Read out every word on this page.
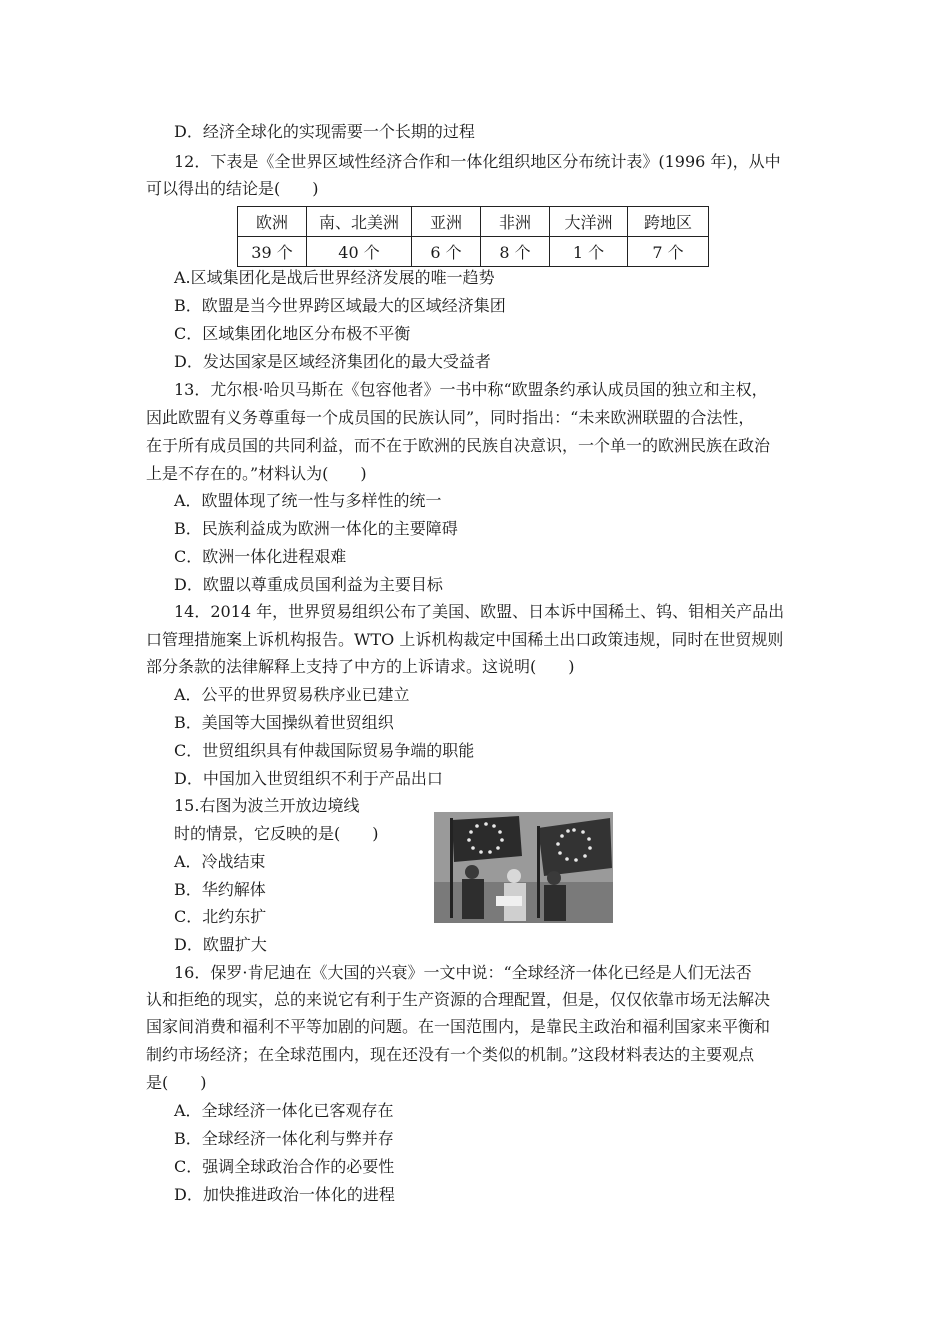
D．经济全球化的实现需要一个长期的过程
12．下表是《全世界区域性经济合作和一体化组织地区分布统计表》(1996 年)，从中
可以得出的结论是(　　)
欧洲	南、北美洲	亚洲	非洲	大洋洲	跨地区
39 个	40 个	6 个	8 个	1 个	7 个
A.区域集团化是战后世界经济发展的唯一趋势
B．欧盟是当今世界跨区域最大的区域经济集团
C．区域集团化地区分布极不平衡
D．发达国家是区域经济集团化的最大受益者
13．尤尔根·哈贝马斯在《包容他者》一书中称“欧盟条约承认成员国的独立和主权，
因此欧盟有义务尊重每一个成员国的民族认同”，同时指出：“未来欧洲联盟的合法性，
在于所有成员国的共同利益，而不在于欧洲的民族自决意识，一个单一的欧洲民族在政治
上是不存在的。”材料认为(　　)
A．欧盟体现了统一性与多样性的统一
B．民族利益成为欧洲一体化的主要障碍
C．欧洲一体化进程艰难
D．欧盟以尊重成员国利益为主要目标
14．2014 年，世界贸易组织公布了美国、欧盟、日本诉中国稀土、钨、钼相关产品出
口管理措施案上诉机构报告。WTO 上诉机构裁定中国稀土出口政策违规，同时在世贸规则
部分条款的法律解释上支持了中方的上诉请求。这说明(　　)
A．公平的世界贸易秩序业已建立
B．美国等大国操纵着世贸组织
C．世贸组织具有仲裁国际贸易争端的职能
D．中国加入世贸组织不利于产品出口
15.右图为波兰开放边境线
时的情景，它反映的是(　　)
A．冷战结束
B．华约解体
C．北约东扩
D．欧盟扩大
16．保罗·肯尼迪在《大国的兴衰》一文中说：“全球经济一体化已经是人们无法否
认和拒绝的现实，总的来说它有利于生产资源的合理配置，但是，仅仅依靠市场无法解决
国家间消费和福利不平等加剧的问题。在一国范围内，是靠民主政治和福利国家来平衡和
制约市场经济；在全球范围内，现在还没有一个类似的机制。”这段材料表达的主要观点
是(　　)
A．全球经济一体化已客观存在
B．全球经济一体化利与弊并存
C．强调全球政治合作的必要性
D．加快推进政治一体化的进程
